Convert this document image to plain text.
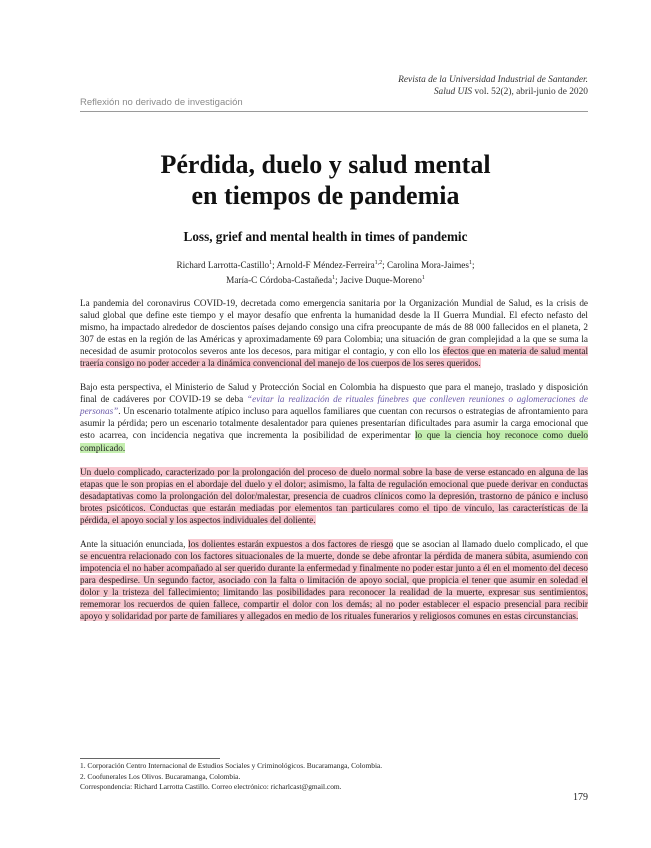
Revista de la Universidad Industrial de Santander.
Salud UIS vol. 52(2), abril-junio de 2020
Reflexión no derivado de investigación
Pérdida, duelo y salud mental
en tiempos de pandemia
Loss, grief and mental health in times of pandemic
Richard Larrotta-Castillo$^1$; Arnold-F Méndez-Ferreira$^{1,2}$; Carolina Mora-Jaimes$^1$;
María-C Córdoba-Castañeda$^1$; Jacive Duque-Moreno$^1$

La pandemia del coronavirus COVID-19, decretada como emergencia sanitaria por la Organización Mundial de Salud, es la crisis de salud global que define este tiempo y el mayor desafío que enfrenta la humanidad desde la II Guerra Mundial. El efecto nefasto del mismo, ha impactado alrededor de doscientos países dejando consigo una cifra preocupante de más de 88 000 fallecidos en el planeta, 2 307 de estas en la región de las Américas y aproximadamente 69 para Colombia; una situación de gran complejidad a la que se suma la necesidad de asumir protocolos severos ante los decesos, para mitigar el contagio, y con ello los efectos que en materia de salud mental traería consigo no poder acceder a la dinámica convencional del manejo de los cuerpos de los seres queridos.

Bajo esta perspectiva, el Ministerio de Salud y Protección Social en Colombia ha dispuesto que para el manejo, traslado y disposición final de cadáveres por COVID-19 se deba “evitar la realización de rituales fúnebres que conlleven reuniones o aglomeraciones de personas”. Un escenario totalmente atípico incluso para aquellos familiares que cuentan con recursos o estrategias de afrontamiento para asumir la pérdida; pero un escenario totalmente desalentador para quienes presentarían dificultades para asumir la carga emocional que esto acarrea, con incidencia negativa que incrementa la posibilidad de experimentar lo que la ciencia hoy reconoce como duelo complicado.

Un duelo complicado, caracterizado por la prolongación del proceso de duelo normal sobre la base de verse estancado en alguna de las etapas que le son propias en el abordaje del duelo y el dolor; asimismo, la falta de regulación emocional que puede derivar en conductas desadaptativas como la prolongación del dolor/malestar, presencia de cuadros clínicos como la depresión, trastorno de pánico e incluso brotes psicóticos. Conductas que estarán mediadas por elementos tan particulares como el tipo de vínculo, las características de la pérdida, el apoyo social y los aspectos individuales del doliente.

Ante la situación enunciada, los dolientes estarán expuestos a dos factores de riesgo que se asocian al llamado duelo complicado, el que se encuentra relacionado con los factores situacionales de la muerte, donde se debe afrontar la pérdida de manera súbita, asumiendo con impotencia el no haber acompañado al ser querido durante la enfermedad y finalmente no poder estar junto a él en el momento del deceso para despedirse. Un segundo factor, asociado con la falta o limitación de apoyo social, que propicia el tener que asumir en soledad el dolor y la tristeza del fallecimiento; limitando las posibilidades para reconocer la realidad de la muerte, expresar sus sentimientos, rememorar los recuerdos de quien fallece, compartir el dolor con los demás; al no poder establecer el espacio presencial para recibir apoyo y solidaridad por parte de familiares y allegados en medio de los rituales funerarios y religiosos comunes en estas circunstancias.

1. Corporación Centro Internacional de Estudios Sociales y Criminológicos. Bucaramanga, Colombia.
2. Coofunerales Los Olivos. Bucaramanga, Colombia.
Correspondencia: Richard Larrotta Castillo. Correo electrónico: richarlcast@gmail.com.
179
